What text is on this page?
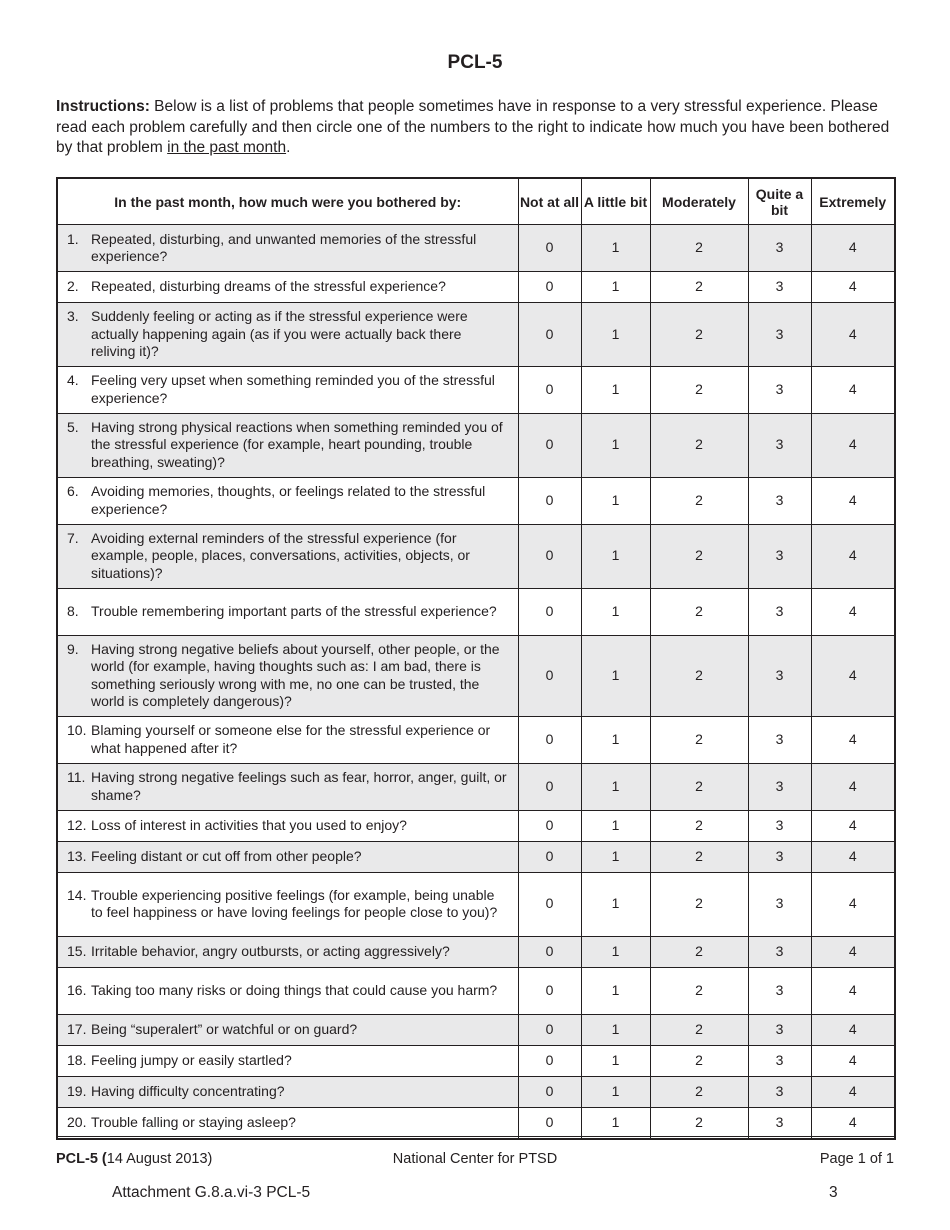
PCL-5
Instructions: Below is a list of problems that people sometimes have in response to a very stressful experience. Please read each problem carefully and then circle one of the numbers to the right to indicate how much you have been bothered by that problem in the past month.
In the past month, how much were you bothered by:	Not at all	A little bit	Moderately	Quite a bit	Extremely

1. Repeated, disturbing, and unwanted memories of the stressful experience?	0	1	2	3	4

2. Repeated, disturbing dreams of the stressful experience?	0	1	2	3	4

3. Suddenly feeling or acting as if the stressful experience were actually happening again (as if you were actually back there reliving it)?	0	1	2	3	4

4. Feeling very upset when something reminded you of the stressful experience?	0	1	2	3	4

5. Having strong physical reactions when something reminded you of the stressful experience (for example, heart pounding, trouble breathing, sweating)?	0	1	2	3	4

6. Avoiding memories, thoughts, or feelings related to the stressful experience?	0	1	2	3	4

7. Avoiding external reminders of the stressful experience (for example, people, places, conversations, activities, objects, or situations)?	0	1	2	3	4

8. Trouble remembering important parts of the stressful experience?	0	1	2	3	4

9. Having strong negative beliefs about yourself, other people, or the world (for example, having thoughts such as: I am bad, there is something seriously wrong with me, no one can be trusted, the world is completely dangerous)?	0	1	2	3	4

10. Blaming yourself or someone else for the stressful experience or what happened after it?	0	1	2	3	4

11. Having strong negative feelings such as fear, horror, anger, guilt, or shame?	0	1	2	3	4

12. Loss of interest in activities that you used to enjoy?	0	1	2	3	4

13. Feeling distant or cut off from other people?	0	1	2	3	4

14. Trouble experiencing positive feelings (for example, being unable to feel happiness or have loving feelings for people close to you)?	0	1	2	3	4

15. Irritable behavior, angry outbursts, or acting aggressively?	0	1	2	3	4

16. Taking too many risks or doing things that could cause you harm?	0	1	2	3	4

17. Being “superalert” or watchful or on guard?	0	1	2	3	4

18. Feeling jumpy or easily startled?	0	1	2	3	4

19. Having difficulty concentrating?	0	1	2	3	4

20. Trouble falling or staying asleep?	0	1	2	3	4
PCL-5 (14 August 2013)	National Center for PTSD	Page 1 of 1
Attachment G.8.a.vi-3 PCL-5	3
